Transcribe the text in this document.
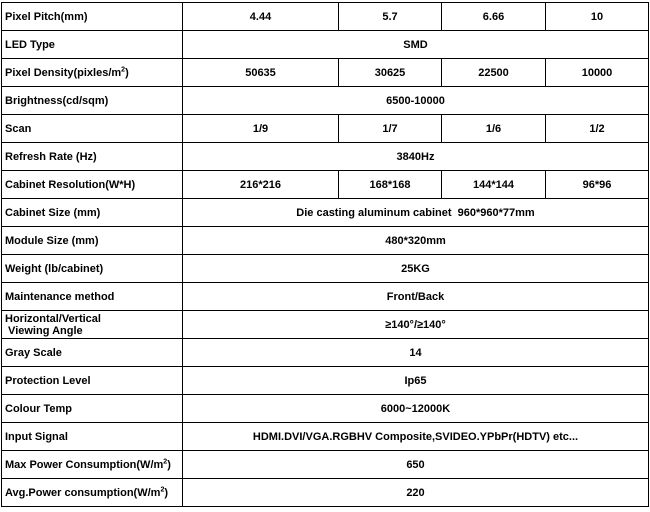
Pixel Pitch(mm)	4.44	5.7	6.66	10
LED Type	SMD			
Pixel $Density(pixles/m^2)$	50635	30625	22500	10000
Brightness(cd/sqm)	6500-10000			
Scan	1/9	1/7	1/6	1/2
Refresh Rate (Hz)	3840Hz			
Cabinet Resolution(W*H)	216*216	168*168	144*144	96*96
Cabinet Size (mm)	Die casting aluminum cabinet  960*960*77mm			
Module Size (mm)	480*320mm			
Weight (lb/cabinet)	25KG			
Maintenance method	Front/Back			

Horizontal/Vertical
Viewing Angle	≥140°/≥140°			
Gray Scale	14			
Protection Level	Ip65			
Colour Temp	6000~12000K			
Input Signal	HDMI.DVI/VGA.RGBHV Composite,SVIDEO.YPbPr(HDTV) etc...			
Max Power $Consumption(W/m^2)$	650			
Avg.Power $consumption(W/m^2)$	220			
